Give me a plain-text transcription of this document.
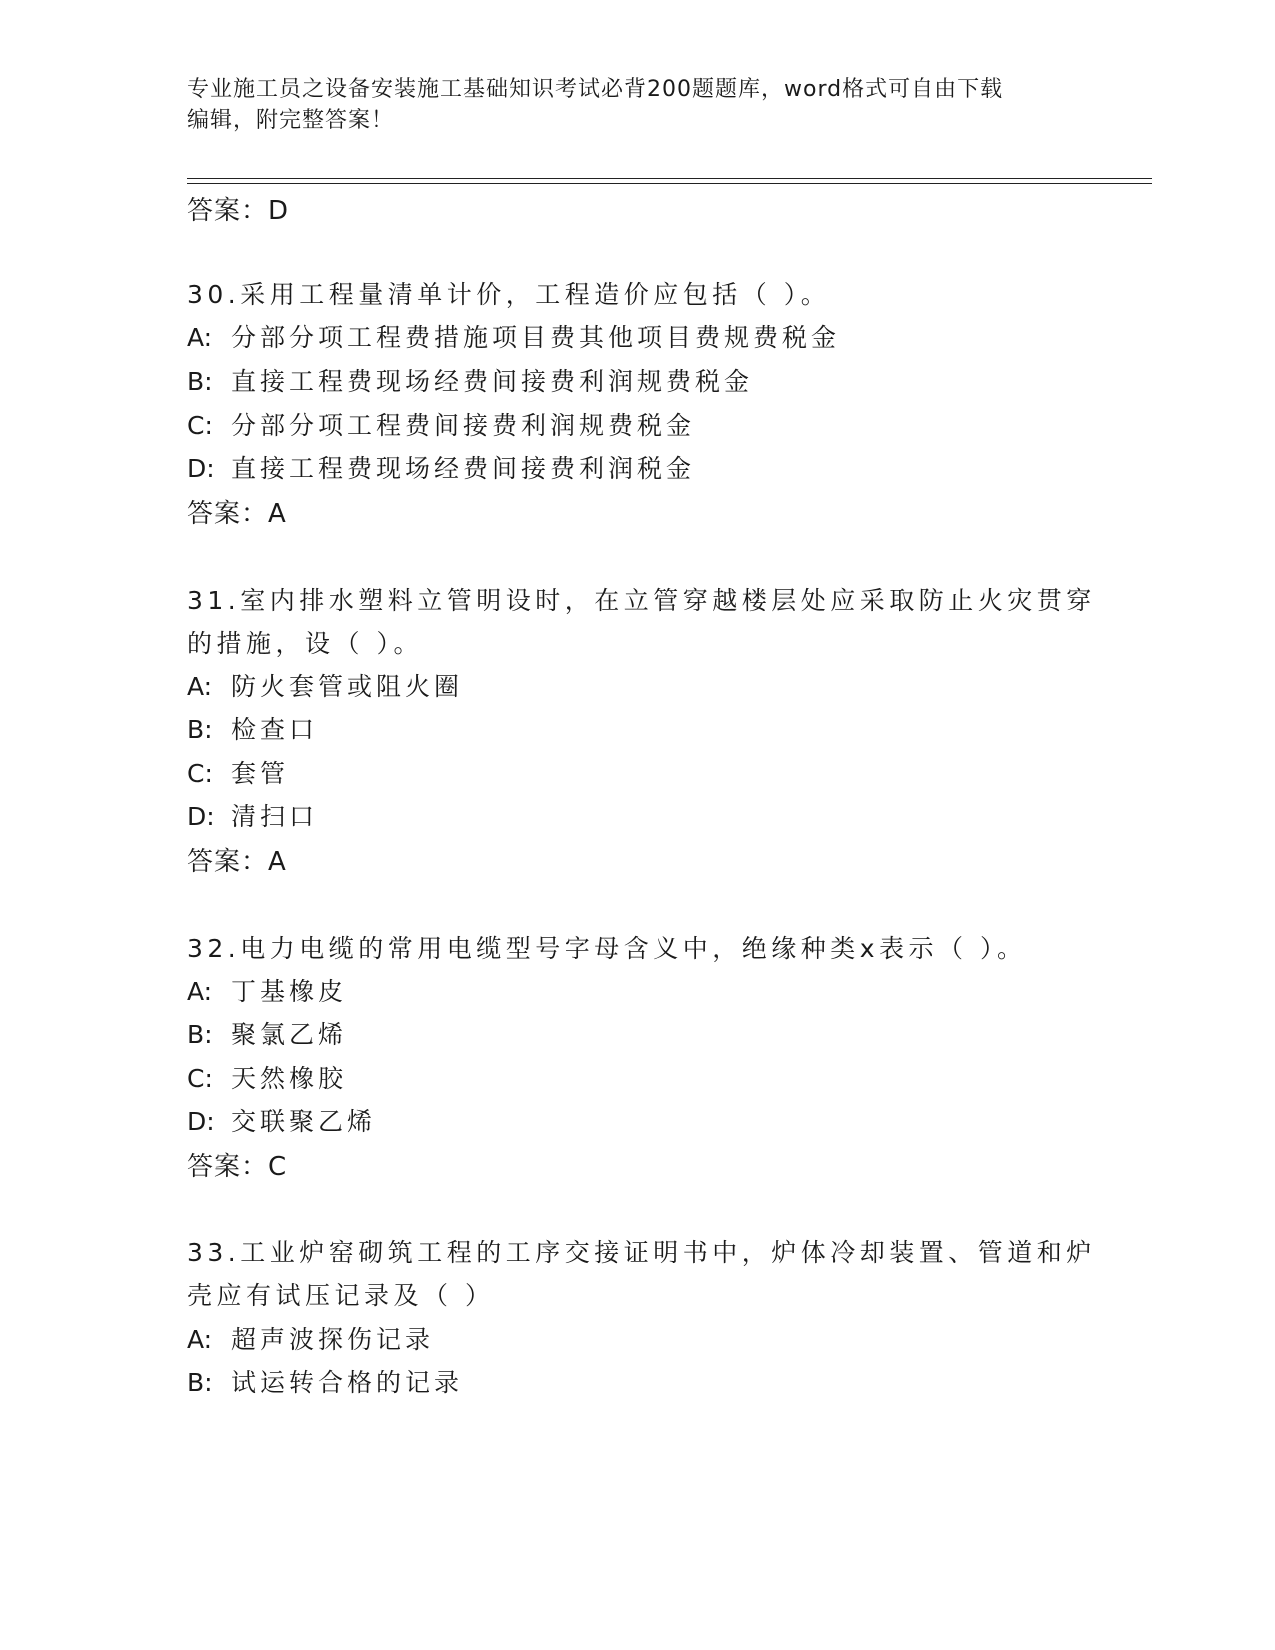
专业施工员之设备安装施工基础知识考试必背200题题库，word格式可自由下载
编辑，附完整答案！
答案：D
30.采用工程量清单计价，工程造价应包括（ ）。
A: 分部分项工程费措施项目费其他项目费规费税金
B: 直接工程费现场经费间接费利润规费税金
C: 分部分项工程费间接费利润规费税金
D: 直接工程费现场经费间接费利润税金
答案：A
31.室内排水塑料立管明设时，在立管穿越楼层处应采取防止火灾贯穿
的措施，设（ ）。
A: 防火套管或阻火圈
B: 检查口
C: 套管
D: 清扫口
答案：A
32.电力电缆的常用电缆型号字母含义中，绝缘种类x表示（ ）。
A: 丁基橡皮
B: 聚氯乙烯
C: 天然橡胶
D: 交联聚乙烯
答案：C
33.工业炉窑砌筑工程的工序交接证明书中，炉体冷却装置、管道和炉
壳应有试压记录及（ ）
A: 超声波探伤记录
B: 试运转合格的记录
